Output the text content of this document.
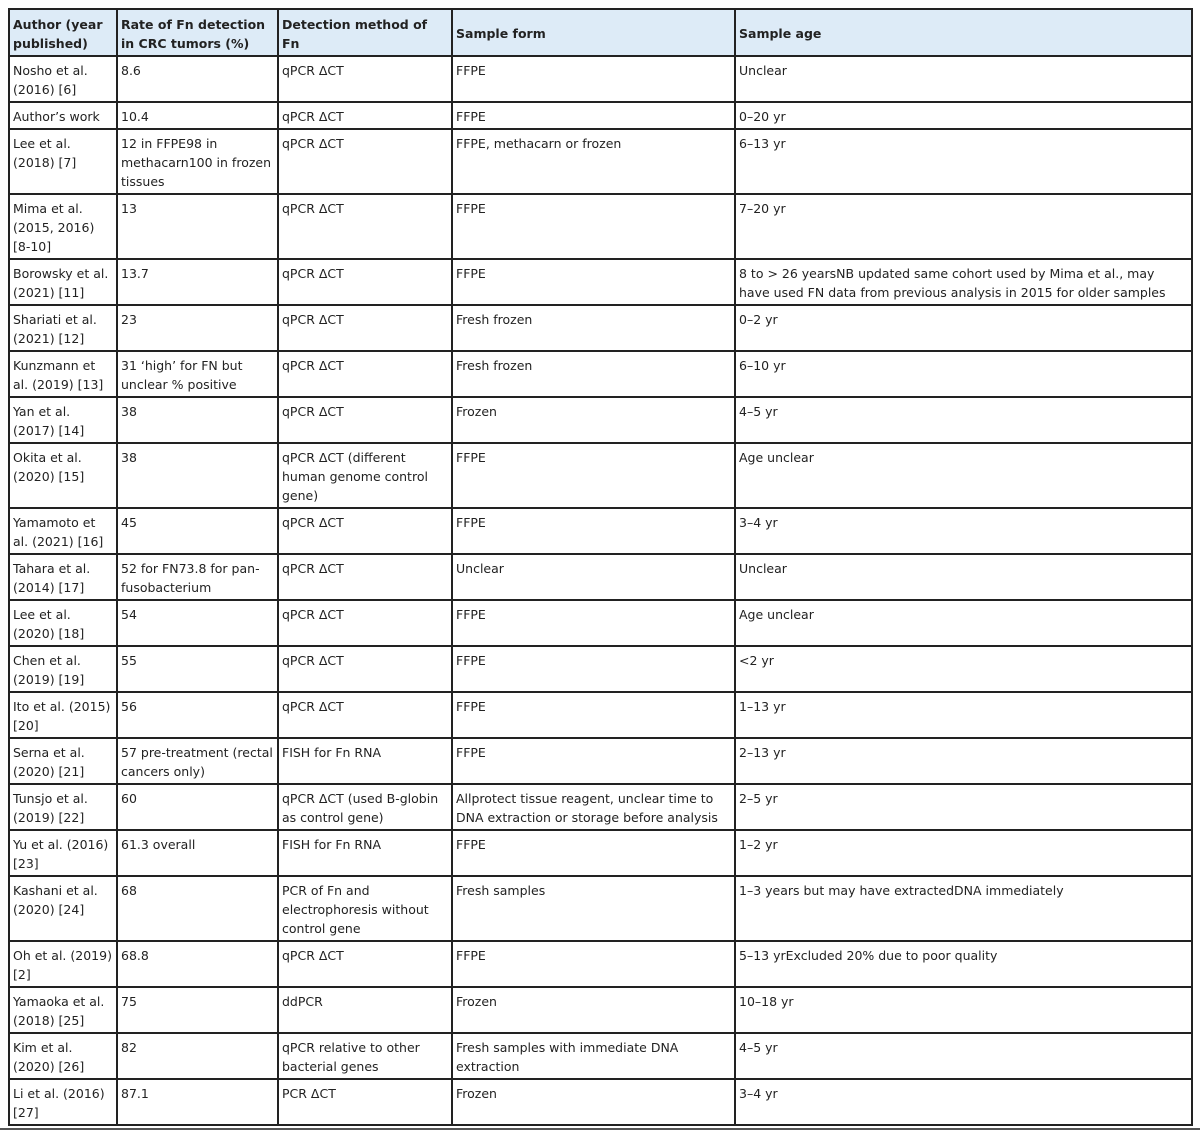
Author (year published)	Rate of Fn detection in CRC tumors (%)	Detection method of Fn	Sample form	Sample age
Nosho et al. (2016) [6]	8.6	qPCR ΔCT	FFPE	Unclear
Author’s work	10.4	qPCR ΔCT	FFPE	0–20 yr
Lee et al. (2018) [7]	12 in FFPE98 in methacarn100 in frozen tissues	qPCR ΔCT	FFPE, methacarn or frozen	6–13 yr
Mima et al. (2015, 2016) [8-10]	13	qPCR ΔCT	FFPE	7–20 yr
Borowsky et al. (2021) [11]	13.7	qPCR ΔCT	FFPE	8 to > 26 yearsNB updated same cohort used by Mima et al., may have used FN data from previous analysis in 2015 for older samples
Shariati et al. (2021) [12]	23	qPCR ΔCT	Fresh frozen	0–2 yr
Kunzmann et al. (2019) [13]	31 ‘high’ for FN but unclear % positive	qPCR ΔCT	Fresh frozen	6–10 yr
Yan et al. (2017) [14]	38	qPCR ΔCT	Frozen	4–5 yr
Okita et al. (2020) [15]	38	qPCR ΔCT (different human genome control gene)	FFPE	Age unclear
Yamamoto et al. (2021) [16]	45	qPCR ΔCT	FFPE	3–4 yr
Tahara et al. (2014) [17]	52 for FN73.8 for pan-fusobacterium	qPCR ΔCT	Unclear	Unclear
Lee et al. (2020) [18]	54	qPCR ΔCT	FFPE	Age unclear
Chen et al. (2019) [19]	55	qPCR ΔCT	FFPE	<2 yr
Ito et al. (2015) [20]	56	qPCR ΔCT	FFPE	1–13 yr
Serna et al. (2020) [21]	57 pre-treatment (rectal cancers only)	FISH for Fn RNA	FFPE	2–13 yr
Tunsjo et al. (2019) [22]	60	qPCR ΔCT (used B-globin as control gene)	Allprotect tissue reagent, unclear time to DNA extraction or storage before analysis	2–5 yr
Yu et al. (2016) [23]	61.3 overall	FISH for Fn RNA	FFPE	1–2 yr
Kashani et al. (2020) [24]	68	PCR of Fn and electrophoresis without control gene	Fresh samples	1–3 years but may have extractedDNA immediately
Oh et al. (2019) [2]	68.8	qPCR ΔCT	FFPE	5–13 yrExcluded 20% due to poor quality
Yamaoka et al. (2018) [25]	75	ddPCR	Frozen	10–18 yr
Kim et al. (2020) [26]	82	qPCR relative to other bacterial genes	Fresh samples with immediate DNA extraction	4–5 yr
Li et al. (2016) [27]	87.1	PCR ΔCT	Frozen	3–4 yr
